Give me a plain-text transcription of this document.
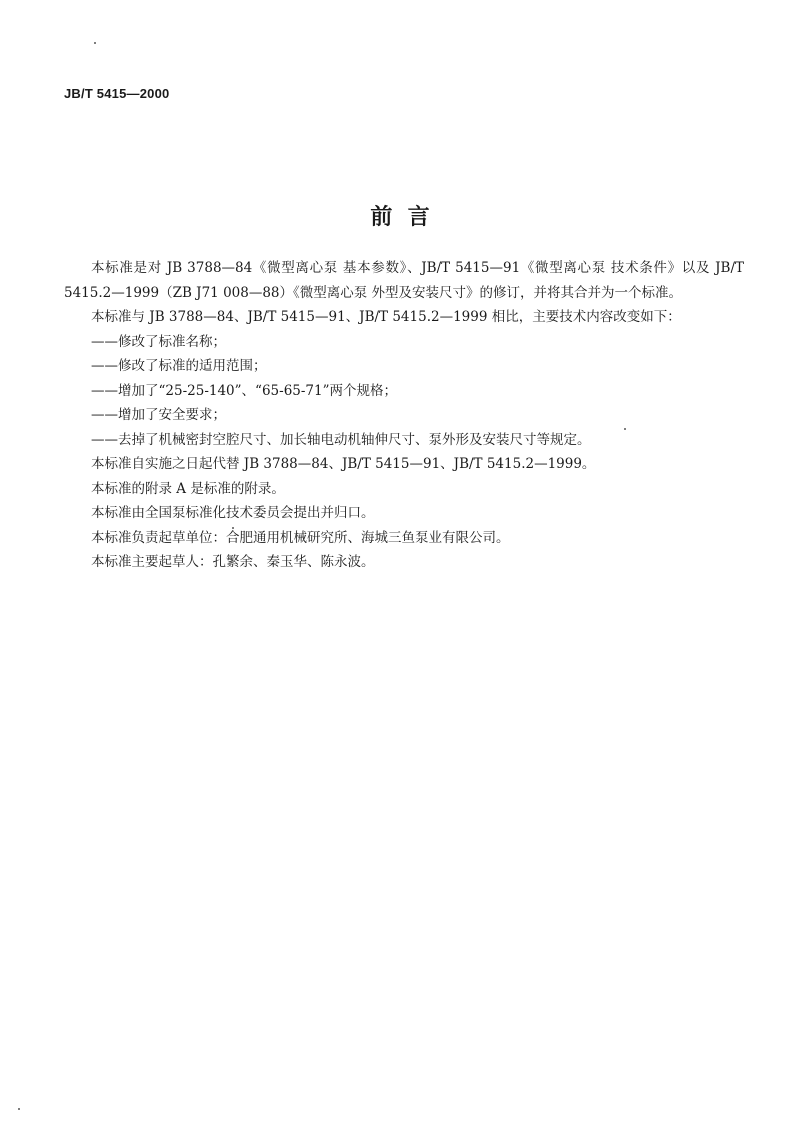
JB/T 5415—2000
前  言

本标准是对 JB 3788—84《微型离心泵 基本参数》、JB/T 5415—91《微型离心泵 技术条件》以及 JB/T 5415.2—1999（ZB J71 008—88）《微型离心泵 外型及安装尺寸》的修订，并将其合并为一个标准。

本标准与 JB 3788—84、JB/T 5415—91、JB/T 5415.2—1999 相比，主要技术内容改变如下：

——修改了标准名称；

——修改了标准的适用范围；

——增加了“25-25-140”、“65-65-71”两个规格；

——增加了安全要求；

——去掉了机械密封空腔尺寸、加长轴电动机轴伸尺寸、泵外形及安装尺寸等规定。

本标准自实施之日起代替 JB 3788—84、JB/T 5415—91、JB/T 5415.2—1999。

本标准的附录 A 是标准的附录。

本标准由全国泵标准化技术委员会提出并归口。

本标准负责起草单位：合肥通用机械研究所、海城三鱼泵业有限公司。

本标准主要起草人：孔繁余、秦玉华、陈永波。
